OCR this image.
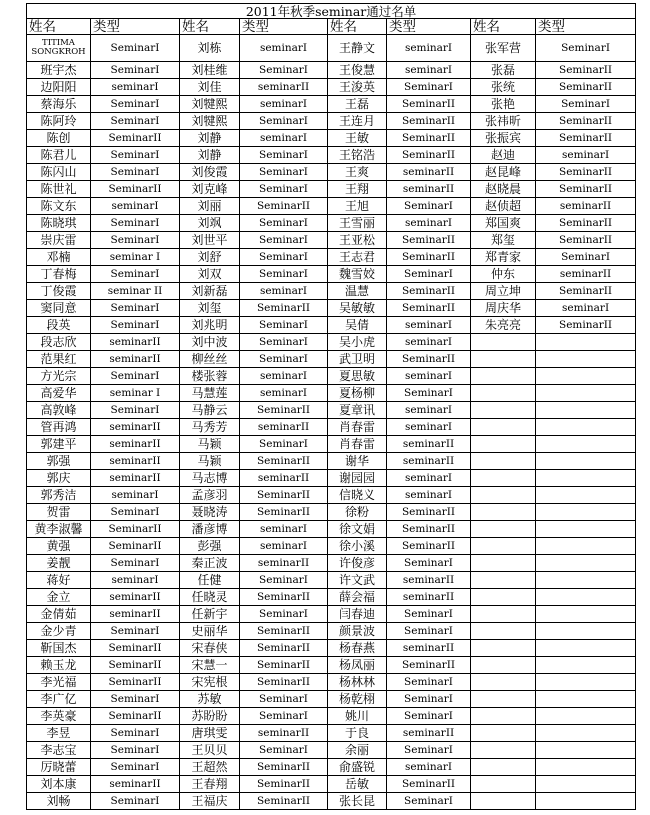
2011年秋季seminar通过名单							
姓名	类型	姓名	类型	姓名	类型	姓名	类型
TITIMA SONGKROH	SeminarI	刘栋	seminarI	王静文	seminarI	张军营	SeminarI
班宇杰	SeminarI	刘桂维	SeminarI	王俊慧	seminarI	张磊	SeminarII
边阳阳	seminarI	刘佳	seminarII	王浚英	SeminarI	张统	SeminarII
蔡海乐	SeminarI	刘犍熙	seminarI	王磊	SeminarII	张艳	SeminarI
陈阿玲	SeminarI	刘犍熙	SeminarI	王连月	SeminarII	张祎昕	SeminarII
陈创	SeminarII	刘静	seminarI	王敏	SeminarII	张振宾	SeminarII
陈君儿	SeminarI	刘静	SeminarI	王铭浩	SeminarII	赵迪	seminarI
陈闪山	SeminarI	刘俊霞	SeminarI	王爽	seminarII	赵昆峰	SeminarII
陈世礼	SeminarII	刘克峰	SeminarI	王翔	seminarII	赵晓晨	SeminarII
陈文东	seminarI	刘丽	SeminarII	王旭	SeminarI	赵侦超	seminarII
陈晓琪	SeminarI	刘飒	SeminarI	王雪丽	seminarI	郑国爽	SeminarII
崇庆雷	SeminarI	刘世平	SeminarI	王亚松	SeminarII	郑玺	SeminarII
邓楠	seminar I	刘舒	SeminarI	王志君	SeminarII	郑青家	SeminarI
丁春梅	SeminarI	刘双	SeminarI	魏雪姣	SeminarI	仲东	seminarII
丁俊霞	seminar II	刘新磊	seminarI	温慧	SeminarII	周立坤	SeminarII
窦同意	SeminarI	刘玺	SeminarII	吴敏敏	SeminarII	周庆华	seminarI
段英	SeminarI	刘兆明	SeminarI	吴倩	seminarI	朱亮亮	SeminarII
段志欣	seminarII	刘中波	SeminarI	吴小虎	seminarI		
范果红	seminarII	柳丝丝	SeminarI	武卫明	SeminarII		
方光宗	SeminarI	楼张蓉	seminarI	夏思敏	seminarI		
高爱华	seminar I	马慧莲	seminarI	夏杨柳	SeminarI		
高敦峰	SeminarI	马静云	SeminarII	夏章讯	seminarI		
管再鸿	seminarII	马秀芳	seminarII	肖春雷	seminarI		
郭建平	seminarII	马颖	SeminarI	肖春雷	seminarII		
郭强	seminarII	马颖	SeminarII	谢华	seminarII		
郭庆	seminarII	马志博	seminarII	谢园园	seminarI		
郭秀洁	seminarI	孟彦羽	SeminarII	信晓义	seminarI		
贺雷	SeminarI	聂晓涛	SeminarII	徐粉	SeminarII		
黄李淑馨	SeminarII	潘彦博	seminarI	徐文娟	SeminarII		
黄强	SeminarII	彭强	seminarI	徐小溪	SeminarII		
姜靓	SeminarI	秦正波	seminarII	许俊彦	SeminarI		
蒋好	seminarI	任健	SeminarI	许文武	seminarII		
金立	seminarII	任晓灵	SeminarII	薛会福	seminarII		
金倩茹	seminarII	任新宇	SeminarI	闫春迪	SeminarI		
金少青	SeminarI	史丽华	SeminarII	颜景波	SeminarI		
靳国杰	SeminarII	宋春侠	SeminarII	杨春燕	seminarII		
赖玉龙	SeminarII	宋慧一	SeminarII	杨凤丽	SeminarII		
李光福	SeminarII	宋宪根	SeminarII	杨林林	SeminarI		
李广亿	SeminarI	苏敏	SeminarI	杨乾栩	SeminarI		
李英豪	SeminarII	苏盼盼	SeminarI	姚川	SeminarI		
李昱	SeminarI	唐琪雯	seminarII	于良	seminarII		
李志宝	SeminarI	王贝贝	SeminarI	余丽	SeminarI		
厉晓蕾	SeminarI	王超然	SeminarII	俞盛锐	seminarI		
刘本康	seminarII	王春翔	SeminarII	岳敏	SeminarII		
刘畅	SeminarI	王福庆	SeminarII	张长昆	SeminarI		
